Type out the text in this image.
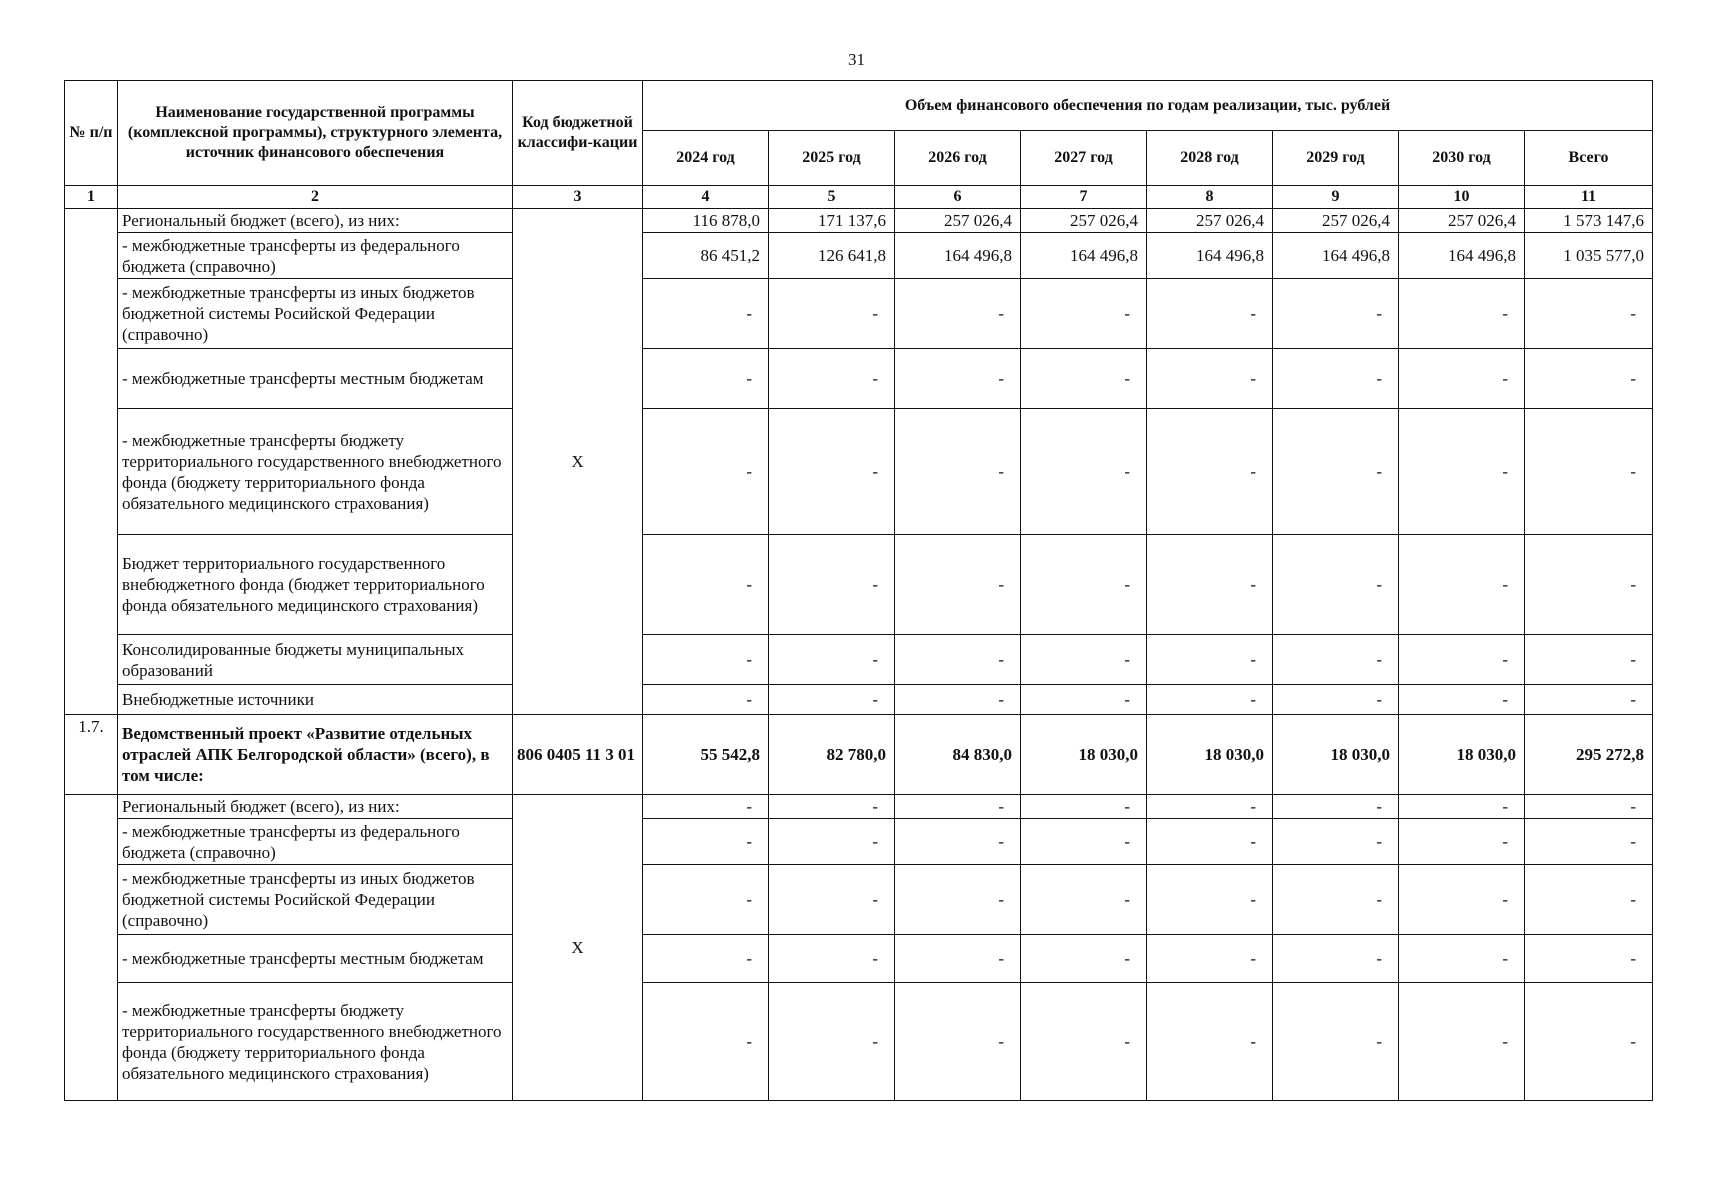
31
№ п/п	Наименование государственной программы (комплексной программы), структурного элемента, источник финансового обеспечения	Код бюджетной классифи-кации	Объем финансового обеспечения по годам реализации, тыс. рублей							
			2024 год	2025 год	2026 год	2027 год	2028 год	2029 год	2030 год	Всего
1	2	3	4	5	6	7	8	9	10	11
	Региональный бюджет (всего), из них:	X	116 878,0	171 137,6	257 026,4	257 026,4	257 026,4	257 026,4	257 026,4	1 573 147,6
	- межбюджетные трансферты из федерального бюджета (справочно)		86 451,2	126 641,8	164 496,8	164 496,8	164 496,8	164 496,8	164 496,8	1 035 577,0
	- межбюджетные трансферты из иных бюджетов бюджетной системы Росийской Федерации (справочно)		-	-	-	-	-	-	-	-
	- межбюджетные трансферты местным бюджетам		-	-	-	-	-	-	-	-
	- межбюджетные трансферты бюджету территориального государственного внебюджетного фонда (бюджету территориального фонда обязательного медицинского страхования)		-	-	-	-	-	-	-	-
	Бюджет территориального государственного внебюджетного фонда (бюджет территориального фонда обязательного медицинского страхования)		-	-	-	-	-	-	-	-
	Консолидированные бюджеты муниципальных образований		-	-	-	-	-	-	-	-
	Внебюджетные источники		-	-	-	-	-	-	-	-
1.7.	Ведомственный проект «Развитие отдельных отраслей АПК Белгородской области» (всего), в том числе:	806 0405 11 3 01	55 542,8	82 780,0	84 830,0	18 030,0	18 030,0	18 030,0	18 030,0	295 272,8
	Региональный бюджет (всего), из них:	X	-	-	-	-	-	-	-	-
	- межбюджетные трансферты из федерального бюджета (справочно)		-	-	-	-	-	-	-	-
	- межбюджетные трансферты из иных бюджетов бюджетной системы Росийской Федерации (справочно)		-	-	-	-	-	-	-	-
	- межбюджетные трансферты местным бюджетам		-	-	-	-	-	-	-	-
	- межбюджетные трансферты бюджету территориального государственного внебюджетного фонда (бюджету территориального фонда обязательного медицинского страхования)		-	-	-	-	-	-	-	-
